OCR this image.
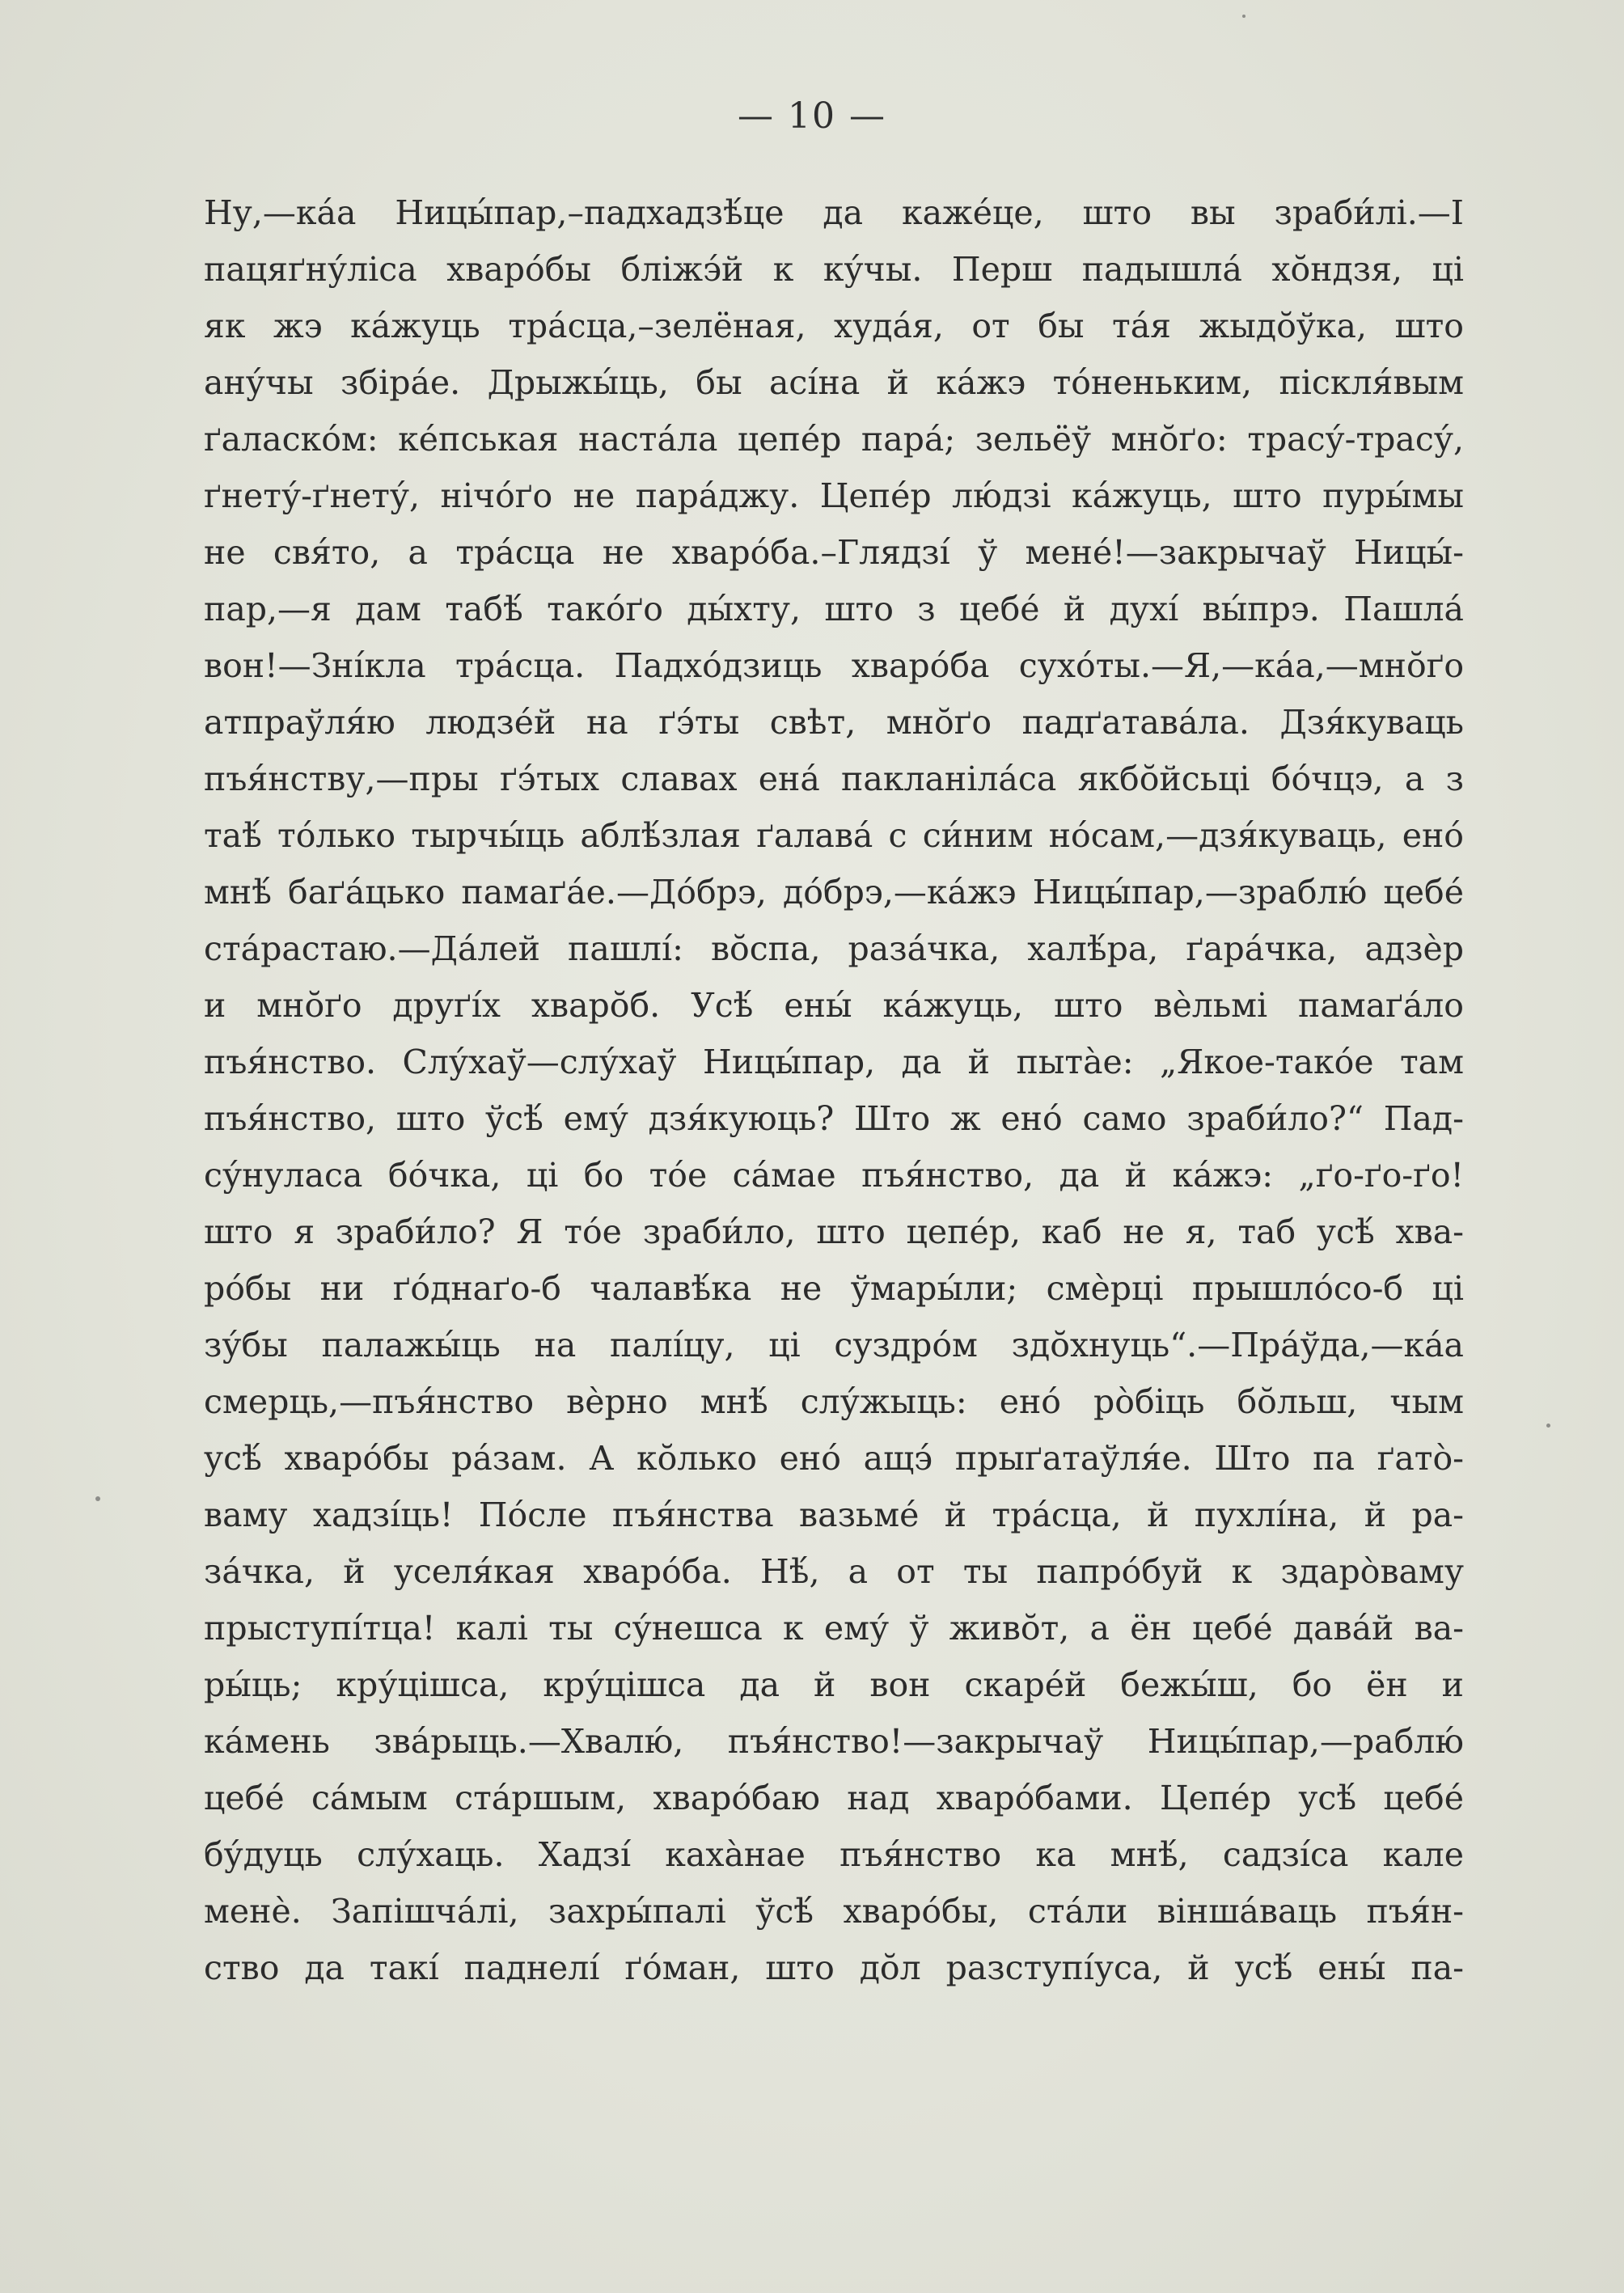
— 10 —
Ну,—ка́а Ницы́пар,–падхадзѣ́це да каже́це, што вы зраби́лі.—І
пацяґну́ліса хваро́бы бліжэ́й к ку́чы. Перш падышла́ хо̆ндзя, ці
як жэ ка́жуць тра́сца,–зелёная, худа́я, от бы та́я жыдо̆ўка, што
ану́чы збіра́е. Дрыжы́ць, бы асі́на й ка́жэ то́неньким, піскля́вым
ґаласко́м: ке́пськая наста́ла цепе́р пара́; зельёў мно̆ґо: трасу́-трасу́,
ґнету́-ґнету́, нічо́ґо не пара́джу. Цепе́р лю́дзі ка́жуць, што пуры́мы
не свя́то, а тра́сца не хваро́ба.–Глядзі́ ў мене́!—закрычаў Ницы́-
пар,—я дам табѣ́ тако́ґо ды́хту, што з цебе́ й духі́ вы́прэ. Пашла́
вон!—Зні́кла тра́сца. Падхо́дзиць хваро́ба сухо́ты.—Я,—ка́а,—мно̆ґо
атпраўля́ю людзе́й на ґэ́ты свѣт, мно̆ґо падґатава́ла. Дзя́куваць
пъя́нству,—пры ґэ́тых славах ена́ пакланіла́са якбо̆йсьці бо́чцэ, а з
таѣ́ то́лько тырчы́ць аблѣ́злая ґалава́ с си́ним но́сам,—дзя́куваць, ено́
мнѣ́ баґа́цько памаґа́е.—До́брэ, до́брэ,—ка́жэ Ницы́пар,—зраблю́ цебе́
ста́растаю.—Да́лей пашлі́: во̆спа, раза́чка, халѣ́ра, ґара́чка, адзѐр
и мно̆ґо друґі́х хваро̆б. Усѣ́ ены́ ка́жуць, што вѐльмі памаґа́ло
пъя́нство. Слу́хаў—слу́хаў Ницы́пар, да й пыта̀е: „Якое-тако́е там
пъя́нство, што ўсѣ́ ему́ дзя́куюць? Што ж ено́ само зраби́ло?“ Пад-
су́нуласа бо́чка, ці бо то́е са́мае пъя́нство, да й ка́жэ: „ґо-ґо-ґо!
што я зраби́ло? Я то́е зраби́ло, што цепе́р, каб не я, таб усѣ́ хва-
ро́бы ни ґо́днаґо-б чалавѣ́ка не ўмары́ли; смѐрці прышло́со-б ці
зу́бы палажы́ць на палі́цу, ці суздро́м здо̆хнуць“.—Пра́ўда,—ка́а
смерць,—пъя́нство вѐрно мнѣ́ слу́жыць: ено́ ро̀біць бо̆льш, чым
усѣ́ хваро́бы ра́зам. А ко̆лько ено́ ащэ́ прыґатаўля́е. Што па ґато̀-
ваму хадзі́ць! По́сле пъя́нства вазьме́ й тра́сца, й пухлі́на, й ра-
за́чка, й уселя́кая хваро́ба. Нѣ́, а от ты папро́буй к здаро̀ваму
прыступі́тца! калі ты су́нешса к ему́ ў живо̆т, а ён цебе́ дава́й ва-
ры́ць; кру́цішса, кру́цішса да й вон скаре́й бежы́ш, бо ён и
ка́мень зва́рыць.—Хвалю́, пъя́нство!—закрычаў Ницы́пар,—раблю́
цебе́ са́мым ста́ршым, хваро́баю над хваро́бами. Цепе́р усѣ́ цебе́
бу́дуць слу́хаць. Хадзі́ каха̀нае пъя́нство ка мнѣ́, садзі́са кале
менѐ. Запішча́лі, захры́палі ўсѣ́ хваро́бы, ста́ли вінша́ваць пъя́н-
ство да такі́ паднелі́ ґо́ман, што до̆л разступі́уса, й усѣ́ ены́ па-
